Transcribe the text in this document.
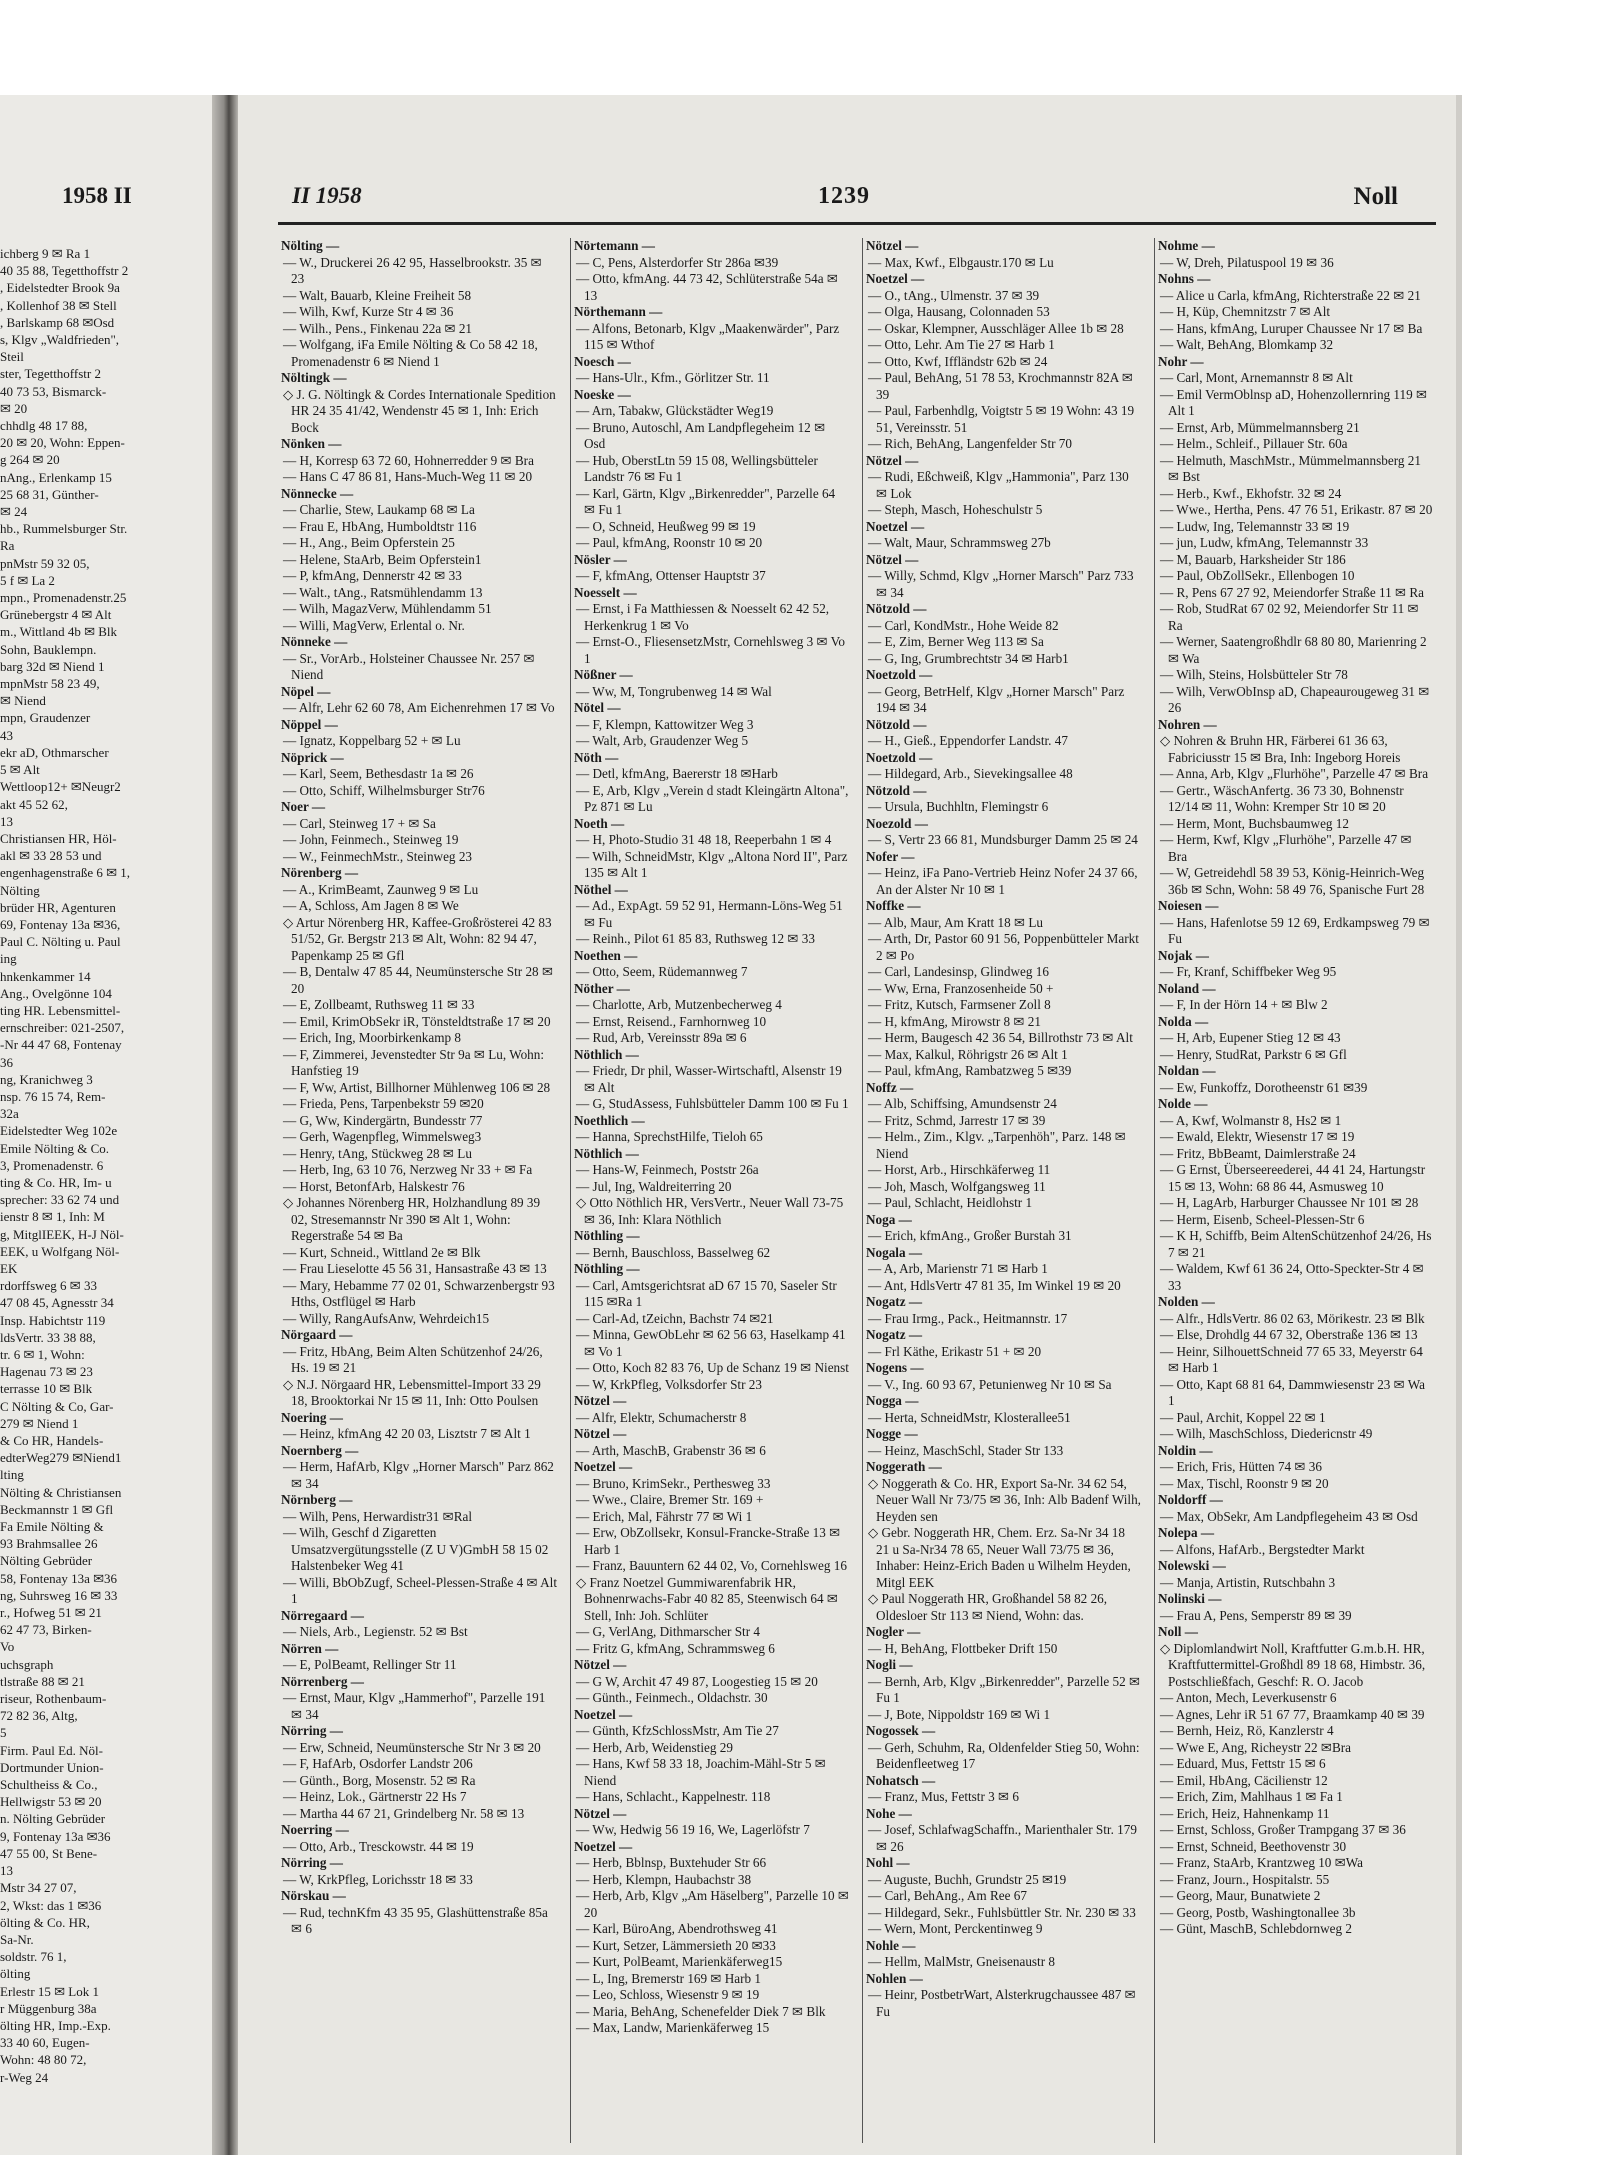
1958 II
ichberg 9 ✉ Ra 1
40 35 88, Tegetthoffstr 2
, Eidelstedter Brook 9a
, Kollenhof 38 ✉ Stell
, Barlskamp 68 ✉Osd
s, Klgv „Waldfrieden",
Steil
ster, Tegetthoffstr 2
40 73 53, Bismarck-
✉ 20
chhdlg 48 17 88,
20 ✉ 20, Wohn: Eppen-
g 264 ✉ 20
nAng., Erlenkamp 15
25 68 31, Günther-
✉ 24
hb., Rummelsburger Str.
Ra
pnMstr 59 32 05,
5 f ✉ La 2
mpn., Promenadenstr.25
Grünebergstr 4 ✉ Alt
m., Wittland 4b ✉ Blk
Sohn, Bauklempn.
barg 32d ✉ Niend 1
mpnMstr 58 23 49,
✉ Niend
mpn, Graudenzer
43
ekr aD, Othmarscher
5 ✉ Alt
Wettloop12+ ✉Neugr2
akt 45 52 62,
13
Christiansen HR, Höl-
akl ✉ 33 28 53 und
engenhagenstraße 6 ✉ 1,
Nölting
brüder HR, Agenturen
69, Fontenay 13a ✉36,
Paul C. Nölting u. Paul
ing
hnkenkammer 14
Ang., Ovelgönne 104
ting HR. Lebensmittel-
ernschreiber: 021-2507,
-Nr 44 47 68, Fontenay
36
ng, Kranichweg 3
nsp. 76 15 74, Rem-
32a
Eidelstedter Weg 102e
Emile Nölting & Co.
3, Promenadenstr. 6
ting & Co. HR, Im- u
sprecher: 33 62 74 und
ienstr 8 ✉ 1, Inh: M
g, MitglIEEK, H-J Nöl-
EEK, u Wolfgang Nöl-
EK
rdorffsweg 6 ✉ 33
47 08 45, Agnesstr 34
Insp. Habichtstr 119
ldsVertr. 33 38 88,
tr. 6 ✉ 1, Wohn:
Hagenau 73 ✉ 23
terrasse 10 ✉ Blk
C Nölting & Co, Gar-
279 ✉ Niend 1
& Co HR, Handels-
edterWeg279 ✉Niend1
lting
Nölting & Christiansen
Beckmannstr 1 ✉ Gfl
Fa Emile Nölting &
93 Brahmsallee 26
Nölting Gebrüder
58, Fontenay 13a ✉36
ng, Suhrsweg 16 ✉ 33
r., Hofweg 51 ✉ 21
62 47 73, Birken-
Vo
uchsgraph
tlstraße 88 ✉ 21
riseur, Rothenbaum-
72 82 36, Altg,
5
Firm. Paul Ed. Nöl-
Dortmunder Union-
Schultheiss & Co.,
Hellwigstr 53 ✉ 20
n. Nölting Gebrüder
9, Fontenay 13a ✉36
47 55 00, St Bene-
13
Mstr 34 27 07,
2, Wkst: das 1 ✉36
ölting & Co. HR,
Sa-Nr.
soldstr. 76 1,
ölting
Erlestr 15 ✉ Lok 1
r Müggenburg 38a
ölting HR, Imp.-Exp.
33 40 60, Eugen-
Wohn: 48 80 72,
r-Weg 24
II 1958	1239	Noll
Nölting —
— W., Druckerei 26 42 95, Hasselbrookstr. 35 ✉ 23
— Walt, Bauarb, Kleine Freiheit 58
— Wilh, Kwf, Kurze Str 4 ✉ 36
— Wilh., Pens., Finkenau 22a ✉ 21
— Wolfgang, iFa Emile Nölting & Co 58 42 18, Promenadenstr 6 ✉ Niend 1
Nöltingk —
◇ J. G. Nöltingk & Cordes Internationale Spedition HR 24 35 41/42, Wendenstr 45 ✉ 1, Inh: Erich Bock
Nönken —
— H, Korresp 63 72 60, Hohnerredder 9 ✉ Bra
— Hans C 47 86 81, Hans-Much-Weg 11 ✉ 20
Nönnecke —
— Charlie, Stew, Laukamp 68 ✉ La
— Frau E, HbAng, Humboldtstr 116
— H., Ang., Beim Opferstein 25
— Helene, StaArb, Beim Opferstein1
— P, kfmAng, Dennerstr 42 ✉ 33
— Walt., tAng., Ratsmühlendamm 13
— Wilh, MagazVerw, Mühlendamm 51
— Willi, MagVerw, Erlental o. Nr.
Nönneke —
— Sr., VorArb., Holsteiner Chaussee Nr. 257 ✉ Niend
Nöpel —
— Alfr, Lehr 62 60 78, Am Eichenrehmen 17 ✉ Vo
Nöppel —
— Ignatz, Koppelbarg 52 + ✉ Lu
Nöprick —
— Karl, Seem, Bethesdastr 1a ✉ 26
— Otto, Schiff, Wilhelmsburger Str76
Noer —
— Carl, Steinweg 17 + ✉ Sa
— John, Feinmech., Steinweg 19
— W., FeinmechMstr., Steinweg 23
Nörenberg —
— A., KrimBeamt, Zaunweg 9 ✉ Lu
— A, Schloss, Am Jagen 8 ✉ We
◇ Artur Nörenberg HR, Kaffee-Großrösterei 42 83 51/52, Gr. Bergstr 213 ✉ Alt, Wohn: 82 94 47, Papenkamp 25 ✉ Gfl
— B, Dentalw 47 85 44, Neumünstersche Str 28 ✉ 20
— E, Zollbeamt, Ruthsweg 11 ✉ 33
— Emil, KrimObSekr iR, Tönsteldtstraße 17 ✉ 20
— Erich, Ing, Moorbirkenkamp 8
— F, Zimmerei, Jevenstedter Str 9a ✉ Lu, Wohn: Hanfstieg 19
— F, Ww, Artist, Billhorner Mühlenweg 106 ✉ 28
— Frieda, Pens, Tarpenbekstr 59 ✉20
— G, Ww, Kindergärtn, Bundesstr 77
— Gerh, Wagenpfleg, Wimmelsweg3
— Henry, tAng, Stückweg 28 ✉ Lu
— Herb, Ing, 63 10 76, Nerzweg Nr 33 + ✉ Fa
— Horst, BetonfArb, Halskestr 76
◇ Johannes Nörenberg HR, Holzhandlung 89 39 02, Stresemannstr Nr 390 ✉ Alt 1, Wohn: Regerstraße 54 ✉ Ba
— Kurt, Schneid., Wittland 2e ✉ Blk
— Frau Lieselotte 45 56 31, Hansastraße 43 ✉ 13
— Mary, Hebamme 77 02 01, Schwarzenbergstr 93 Hths, Ostflügel ✉ Harb
— Willy, RangAufsAnw, Wehrdeich15
Nörgaard —
— Fritz, HbAng, Beim Alten Schützenhof 24/26, Hs. 19 ✉ 21
◇ N.J. Nörgaard HR, Lebensmittel-Import 33 29 18, Brooktorkai Nr 15 ✉ 11, Inh: Otto Poulsen
Noering —
— Heinz, kfmAng 42 20 03, Lisztstr 7 ✉ Alt 1
Noernberg —
— Herm, HafArb, Klgv „Horner Marsch" Parz 862 ✉ 34
Nörnberg —
— Wilh, Pens, Herwardistr31 ✉Ral
— Wilh, Geschf d Zigaretten Umsatzvergütungsstelle (Z U V)GmbH 58 15 02 Halstenbeker Weg 41
— Willi, BbObZugf, Scheel-Plessen-Straße 4 ✉ Alt 1
Nörregaard —
— Niels, Arb., Legienstr. 52 ✉ Bst
Nörren —
— E, PolBeamt, Rellinger Str 11
Nörrenberg —
— Ernst, Maur, Klgv „Hammerhof", Parzelle 191 ✉ 34
Nörring —
— Erw, Schneid, Neumünstersche Str Nr 3 ✉ 20
— F, HafArb, Osdorfer Landstr 206
— Günth., Borg, Mosenstr. 52 ✉ Ra
— Heinz, Lok., Gärtnerstr 22 Hs 7
— Martha 44 67 21, Grindelberg Nr. 58 ✉ 13
Noerring —
— Otto, Arb., Tresckowstr. 44 ✉ 19
Nörring —
— W, KrkPfleg, Lorichsstr 18 ✉ 33
Nörskau —
— Rud, technKfm 43 35 95, Glashüttenstraße 85a ✉ 6
Nörtemann —
— C, Pens, Alsterdorfer Str 286a ✉39
— Otto, kfmAng. 44 73 42, Schlüterstraße 54a ✉ 13
Nörthemann —
— Alfons, Betonarb, Klgv „Maakenwärder", Parz 115 ✉ Wthof
Noesch —
— Hans-Ulr., Kfm., Görlitzer Str. 11
Noeske —
— Arn, Tabakw, Glückstädter Weg19
— Bruno, Autoschl, Am Landpflegeheim 12 ✉ Osd
— Hub, OberstLtn 59 15 08, Wellingsbütteler Landstr 76 ✉ Fu 1
— Karl, Gärtn, Klgv „Birkenredder", Parzelle 64 ✉ Fu 1
— O, Schneid, Heußweg 99 ✉ 19
— Paul, kfmAng, Roonstr 10 ✉ 20
Nösler —
— F, kfmAng, Ottenser Hauptstr 37
Noesselt —
— Ernst, i Fa Matthiessen & Noesselt 62 42 52, Herkenkrug 1 ✉ Vo
— Ernst-O., FliesensetzMstr, Cornehlsweg 3 ✉ Vo 1
Nößner —
— Ww, M, Tongrubenweg 14 ✉ Wal
Nötel —
— F, Klempn, Kattowitzer Weg 3
— Walt, Arb, Graudenzer Weg 5
Nöth —
— Detl, kfmAng, Baererstr 18 ✉Harb
— E, Arb, Klgv „Verein d stadt Kleingärtn Altona", Pz 871 ✉ Lu
Noeth —
— H, Photo-Studio 31 48 18, Reeperbahn 1 ✉ 4
— Wilh, SchneidMstr, Klgv „Altona Nord II", Parz 135 ✉ Alt 1
Nöthel —
— Ad., ExpAgt. 59 52 91, Hermann-Löns-Weg 51 ✉ Fu
— Reinh., Pilot 61 85 83, Ruthsweg 12 ✉ 33
Noethen —
— Otto, Seem, Rüdemannweg 7
Nöther —
— Charlotte, Arb, Mutzenbecherweg 4
— Ernst, Reisend., Farnhornweg 10
— Rud, Arb, Vereinsstr 89a ✉ 6
Nöthlich —
— Friedr, Dr phil, Wasser-Wirtschaftl, Alsenstr 19 ✉ Alt
— G, StudAssess, Fuhlsbütteler Damm 100 ✉ Fu 1
Noethlich —
— Hanna, SprechstHilfe, Tieloh 65
Nöthlich —
— Hans-W, Feinmech, Poststr 26a
— Jul, Ing, Waldreiterring 20
◇ Otto Nöthlich HR, VersVertr., Neuer Wall 73-75 ✉ 36, Inh: Klara Nöthlich
Nöthling —
— Bernh, Bauschloss, Basselweg 62
Nöthling —
— Carl, Amtsgerichtsrat aD 67 15 70, Saseler Str 115 ✉Ra 1
— Carl-Ad, tZeichn, Bachstr 74 ✉21
— Minna, GewObLehr ✉ 62 56 63, Haselkamp 41 ✉ Vo 1
— Otto, Koch 82 83 76, Up de Schanz 19 ✉ Nienst
— W, KrkPfleg, Volksdorfer Str 23
Nötzel —
— Alfr, Elektr, Schumacherstr 8
Nötzel —
— Arth, MaschB, Grabenstr 36 ✉ 6
Noetzel —
— Bruno, KrimSekr., Perthesweg 33
— Wwe., Claire, Bremer Str. 169 +
— Erich, Mal, Fährstr 77 ✉ Wi 1
— Erw, ObZollsekr, Konsul-Francke-Straße 13 ✉ Harb 1
— Franz, Bauuntern 62 44 02, Vo, Cornehlsweg 16
◇ Franz Noetzel Gummiwarenfabrik HR, Bohnenrwachs-Fabr 40 82 85, Steenwisch 64 ✉ Stell, Inh: Joh. Schlüter
— G, VerlAng, Dithmarscher Str 4
— Fritz G, kfmAng, Schrammsweg 6
Nötzel —
— G W, Archit 47 49 87, Loogestieg 15 ✉ 20
— Günth., Feinmech., Oldachstr. 30
Noetzel —
— Günth, KfzSchlossMstr, Am Tie 27
— Herb, Arb, Weidenstieg 29
— Hans, Kwf 58 33 18, Joachim-Mähl-Str 5 ✉ Niend
— Hans, Schlacht., Kappelnestr. 118
Nötzel —
— Ww, Hedwig 56 19 16, We, Lagerlöfstr 7
Noetzel —
— Herb, Bblnsp, Buxtehuder Str 66
— Herb, Klempn, Haubachstr 38
— Herb, Arb, Klgv „Am Häselberg", Parzelle 10 ✉ 20
— Karl, BüroAng, Abendrothsweg 41
— Kurt, Setzer, Lämmersieth 20 ✉33
— Kurt, PolBeamt, Marienkäferweg15
— L, Ing, Bremerstr 169 ✉ Harb 1
— Leo, Schloss, Wiesenstr 9 ✉ 19
— Maria, BehAng, Schenefelder Diek 7 ✉ Blk
— Max, Landw, Marienkäferweg 15
Nötzel —
— Max, Kwf., Elbgaustr.170 ✉ Lu
Noetzel —
— O., tAng., Ulmenstr. 37 ✉ 39
— Olga, Hausang, Colonnaden 53
— Oskar, Klempner, Ausschläger Allee 1b ✉ 28
— Otto, Lehr. Am Tie 27 ✉ Harb 1
— Otto, Kwf, Iffländstr 62b ✉ 24
— Paul, BehAng, 51 78 53, Krochmannstr 82A ✉ 39
— Paul, Farbenhdlg, Voigtstr 5 ✉ 19 Wohn: 43 19 51, Vereinsstr. 51
— Rich, BehAng, Langenfelder Str 70
Nötzel —
— Rudi, Eßchweiß, Klgv „Hammonia", Parz 130 ✉ Lok
— Steph, Masch, Hoheschulstr 5
Noetzel —
— Walt, Maur, Schrammsweg 27b
Nötzel —
— Willy, Schmd, Klgv „Horner Marsch" Parz 733 ✉ 34
Nötzold —
— Carl, KondMstr., Hohe Weide 82
— E, Zim, Berner Weg 113 ✉ Sa
— G, Ing, Grumbrechtstr 34 ✉ Harb1
Noetzold —
— Georg, BetrHelf, Klgv „Horner Marsch" Parz 194 ✉ 34
Nötzold —
— H., Gieß., Eppendorfer Landstr. 47
Noetzold —
— Hildegard, Arb., Sievekingsallee 48
Nötzold —
— Ursula, Buchhltn, Flemingstr 6
Noezold —
— S, Vertr 23 66 81, Mundsburger Damm 25 ✉ 24
Nofer —
— Heinz, iFa Pano-Vertrieb Heinz Nofer 24 37 66, An der Alster Nr 10 ✉ 1
Noffke —
— Alb, Maur, Am Kratt 18 ✉ Lu
— Arth, Dr, Pastor 60 91 56, Poppenbütteler Markt 2 ✉ Po
— Carl, Landesinsp, Glindweg 16
— Ww, Erna, Franzosenheide 50 +
— Fritz, Kutsch, Farmsener Zoll 8
— H, kfmAng, Mirowstr 8 ✉ 21
— Herm, Baugesch 42 36 54, Billrothstr 73 ✉ Alt
— Max, Kalkul, Röhrigstr 26 ✉ Alt 1
— Paul, kfmAng, Rambatzweg 5 ✉39
Noffz —
— Alb, Schiffsing, Amundsenstr 24
— Fritz, Schmd, Jarrestr 17 ✉ 39
— Helm., Zim., Klgv. „Tarpenhöh", Parz. 148 ✉ Niend
— Horst, Arb., Hirschkäferweg 11
— Joh, Masch, Wolfgangsweg 11
— Paul, Schlacht, Heidlohstr 1
Noga —
— Erich, kfmAng., Großer Burstah 31
Nogala —
— A, Arb, Marienstr 71 ✉ Harb 1
— Ant, HdlsVertr 47 81 35, Im Winkel 19 ✉ 20
Nogatz —
— Frau Irmg., Pack., Heitmannstr. 17
Nogatz —
— Frl Käthe, Erikastr 51 + ✉ 20
Nogens —
— V., Ing. 60 93 67, Petunienweg Nr 10 ✉ Sa
Nogga —
— Herta, SchneidMstr, Klosterallee51
Nogge —
— Heinz, MaschSchl, Stader Str 133
Noggerath —
◇ Noggerath & Co. HR, Export Sa-Nr. 34 62 54, Neuer Wall Nr 73/75 ✉ 36, Inh: Alb Badenf Wilh, Heyden sen
◇ Gebr. Noggerath HR, Chem. Erz. Sa-Nr 34 18 21 u Sa-Nr34 78 65, Neuer Wall 73/75 ✉ 36, Inhaber: Heinz-Erich Baden u Wilhelm Heyden, Mitgl EEK
◇ Paul Noggerath HR, Großhandel 58 82 26, Oldesloer Str 113 ✉ Niend, Wohn: das.
Nogler —
— H, BehAng, Flottbeker Drift 150
Nogli —
— Bernh, Arb, Klgv „Birkenredder", Parzelle 52 ✉ Fu 1
— J, Bote, Nippoldstr 169 ✉ Wi 1
Nogossek —
— Gerh, Schuhm, Ra, Oldenfelder Stieg 50, Wohn: Beidenfleetweg 17
Nohatsch —
— Franz, Mus, Fettstr 3 ✉ 6
Nohe —
— Josef, SchlafwagSchaffn., Marienthaler Str. 179 ✉ 26
Nohl —
— Auguste, Buchh, Grundstr 25 ✉19
— Carl, BehAng., Am Ree 67
— Hildegard, Sekr., Fuhlsbüttler Str. Nr. 230 ✉ 33
— Wern, Mont, Perckentinweg 9
Nohle —
— Hellm, MalMstr, Gneisenaustr 8
Nohlen —
— Heinr, PostbetrWart, Alsterkrugchaussee 487 ✉ Fu
Nohme —
— W, Dreh, Pilatuspool 19 ✉ 36
Nohns —
— Alice u Carla, kfmAng, Richterstraße 22 ✉ 21
— H, Küp, Chemnitzstr 7 ✉ Alt
— Hans, kfmAng, Luruper Chaussee Nr 17 ✉ Ba
— Walt, BehAng, Blomkamp 32
Nohr —
— Carl, Mont, Arnemannstr 8 ✉ Alt
— Emil VermOblnsp aD, Hohenzollernring 119 ✉ Alt 1
— Ernst, Arb, Mümmelmannsberg 21
— Helm., Schleif., Pillauer Str. 60a
— Helmuth, MaschMstr., Mümmelmannsberg 21 ✉ Bst
— Herb., Kwf., Ekhofstr. 32 ✉ 24
— Wwe., Hertha, Pens. 47 76 51, Erikastr. 87 ✉ 20
— Ludw, Ing, Telemannstr 33 ✉ 19
— jun, Ludw, kfmAng, Telemannstr 33
— M, Bauarb, Harksheider Str 186
— Paul, ObZollSekr., Ellenbogen 10
— R, Pens 67 27 92, Meiendorfer Straße 11 ✉ Ra
— Rob, StudRat 67 02 92, Meiendorfer Str 11 ✉ Ra
— Werner, Saatengroßhdlr 68 80 80, Marienring 2 ✉ Wa
— Wilh, Steins, Holsbütteler Str 78
— Wilh, VerwObInsp aD, Chapeaurougeweg 31 ✉ 26
Nohren —
◇ Nohren & Bruhn HR, Färberei 61 36 63, Fabriciusstr 15 ✉ Bra, Inh: Ingeborg Horeis
— Anna, Arb, Klgv „Flurhöhe", Parzelle 47 ✉ Bra
— Gertr., WäschAnfertg. 36 73 30, Bohnenstr 12/14 ✉ 11, Wohn: Kremper Str 10 ✉ 20
— Herm, Mont, Buchsbaumweg 12
— Herm, Kwf, Klgv „Flurhöhe", Parzelle 47 ✉ Bra
— W, Getreidehdl 58 39 53, König-Heinrich-Weg 36b ✉ Schn, Wohn: 58 49 76, Spanische Furt 28
Noiesen —
— Hans, Hafenlotse 59 12 69, Erdkampsweg 79 ✉ Fu
Nojak —
— Fr, Kranf, Schiffbeker Weg 95
Noland —
— F, In der Hörn 14 + ✉ Blw 2
Nolda —
— H, Arb, Eupener Stieg 12 ✉ 43
— Henry, StudRat, Parkstr 6 ✉ Gfl
Noldan —
— Ew, Funkoffz, Dorotheenstr 61 ✉39
Nolde —
— A, Kwf, Wolmanstr 8, Hs2 ✉ 1
— Ewald, Elektr, Wiesenstr 17 ✉ 19
— Fritz, BbBeamt, Daimlerstraße 24
— G Ernst, Überseereederei, 44 41 24, Hartungstr 15 ✉ 13, Wohn: 68 86 44, Asmusweg 10
— H, LagArb, Harburger Chaussee Nr 101 ✉ 28
— Herm, Eisenb, Scheel-Plessen-Str 6
— K H, Schiffb, Beim AltenSchützenhof 24/26, Hs 7 ✉ 21
— Waldem, Kwf 61 36 24, Otto-Speckter-Str 4 ✉ 33
Nolden —
— Alfr., HdlsVertr. 86 02 63, Mörikestr. 23 ✉ Blk
— Else, Drohdlg 44 67 32, Oberstraße 136 ✉ 13
— Heinr, SilhouettSchneid 77 65 33, Meyerstr 64 ✉ Harb 1
— Otto, Kapt 68 81 64, Dammwiesenstr 23 ✉ Wa 1
— Paul, Archit, Koppel 22 ✉ 1
— Wilh, MaschSchloss, Diedericnstr 49
Noldin —
— Erich, Fris, Hütten 74 ✉ 36
— Max, Tischl, Roonstr 9 ✉ 20
Noldorff —
— Max, ObSekr, Am Landpflegeheim 43 ✉ Osd
Nolepa —
— Alfons, HafArb., Bergstedter Markt
Nolewski —
— Manja, Artistin, Rutschbahn 3
Nolinski —
— Frau A, Pens, Semperstr 89 ✉ 39
Noll —
◇ Diplomlandwirt Noll, Kraftfutter G.m.b.H. HR, Kraftfuttermittel-Großhdl 89 18 68, Himbstr. 36, Postschließfach, Geschf: R. O. Jacob
— Anton, Mech, Leverkusenstr 6
— Agnes, Lehr iR 51 67 77, Braamkamp 40 ✉ 39
— Bernh, Heiz, Rö, Kanzlerstr 4
— Wwe E, Ang, Richeystr 22 ✉Bra
— Eduard, Mus, Fettstr 15 ✉ 6
— Emil, HbAng, Cäcilienstr 12
— Erich, Zim, Mahlhaus 1 ✉ Fa 1
— Erich, Heiz, Hahnenkamp 11
— Ernst, Schloss, Großer Trampgang 37 ✉ 36
— Ernst, Schneid, Beethovenstr 30
— Franz, StaArb, Krantzweg 10 ✉Wa
— Franz, Journ., Hospitalstr. 55
— Georg, Maur, Bunatwiete 2
— Georg, Postb, Washingtonallee 3b
— Günt, MaschB, Schlebdornweg 2
